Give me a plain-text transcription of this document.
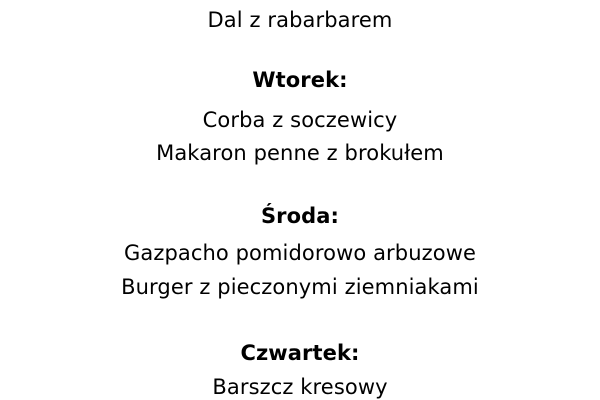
Dal z rabarbarem
Wtorek:
Corba z soczewicy
Makaron penne z brokułem
Środa:
Gazpacho pomidorowo arbuzowe
Burger z pieczonymi ziemniakami
Czwartek:
Barszcz kresowy
